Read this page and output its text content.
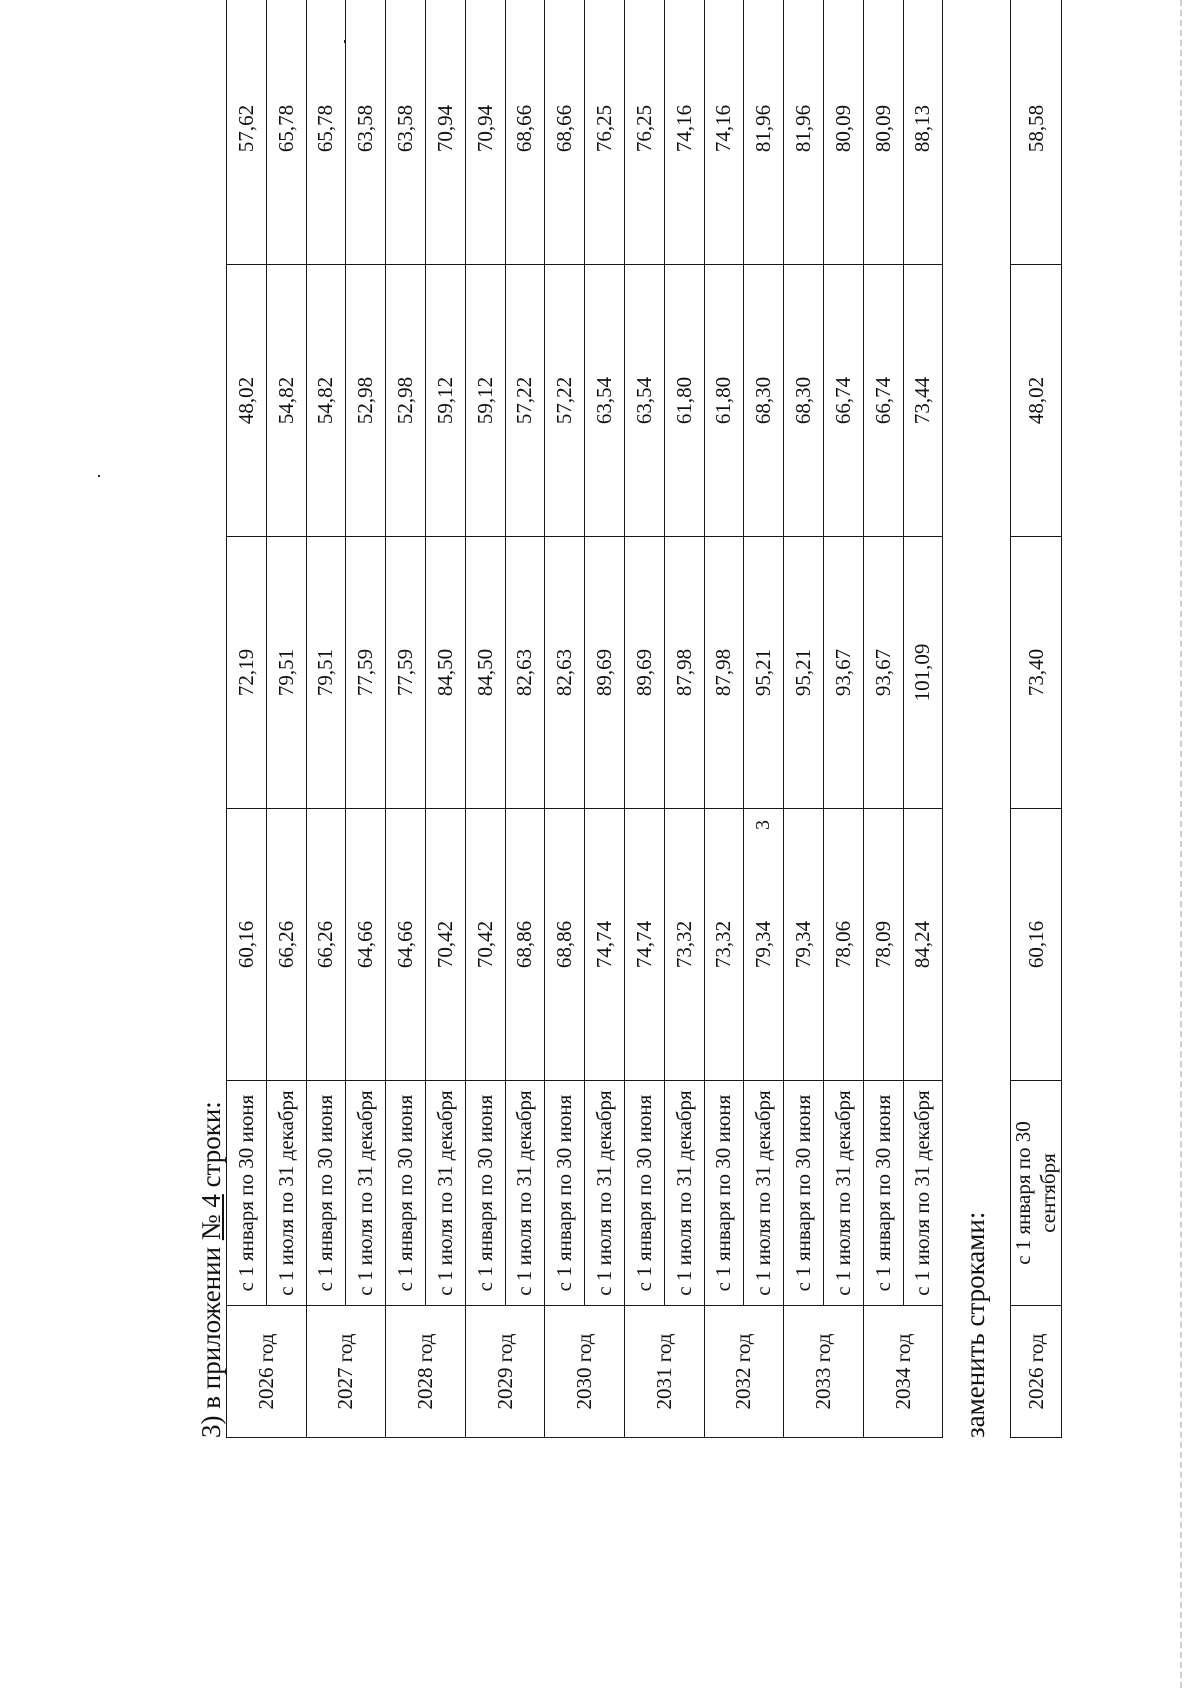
3
3) в приложении № 4 строки:
2026 год	с 1 января по 30 июня	60,16	72,19	48,02	57,62
	с 1 июля по 31 декабря	66,26	79,51	54,82	65,78
2027 год	с 1 января по 30 июня	66,26	79,51	54,82	65,78
	с 1 июля по 31 декабря	64,66	77,59	52,98	63,58
2028 год	с 1 января по 30 июня	64,66	77,59	52,98	63,58
	с 1 июля по 31 декабря	70,42	84,50	59,12	70,94
2029 год	с 1 января по 30 июня	70,42	84,50	59,12	70,94
	с 1 июля по 31 декабря	68,86	82,63	57,22	68,66
2030 год	с 1 января по 30 июня	68,86	82,63	57,22	68,66
	с 1 июля по 31 декабря	74,74	89,69	63,54	76,25
2031 год	с 1 января по 30 июня	74,74	89,69	63,54	76,25
	с 1 июля по 31 декабря	73,32	87,98	61,80	74,16
2032 год	с 1 января по 30 июня	73,32	87,98	61,80	74,16
	с 1 июля по 31 декабря	79,34	95,21	68,30	81,96
2033 год	с 1 января по 30 июня	79,34	95,21	68,30	81,96
	с 1 июля по 31 декабря	78,06	93,67	66,74	80,09
2034 год	с 1 января по 30 июня	78,09	93,67	66,74	80,09
	с 1 июля по 31 декабря	84,24	101,09	73,44	88,13
заменить строками: 2026 год	с 1 января по 30 сентября	60,16	73,40	48,02	58,58
